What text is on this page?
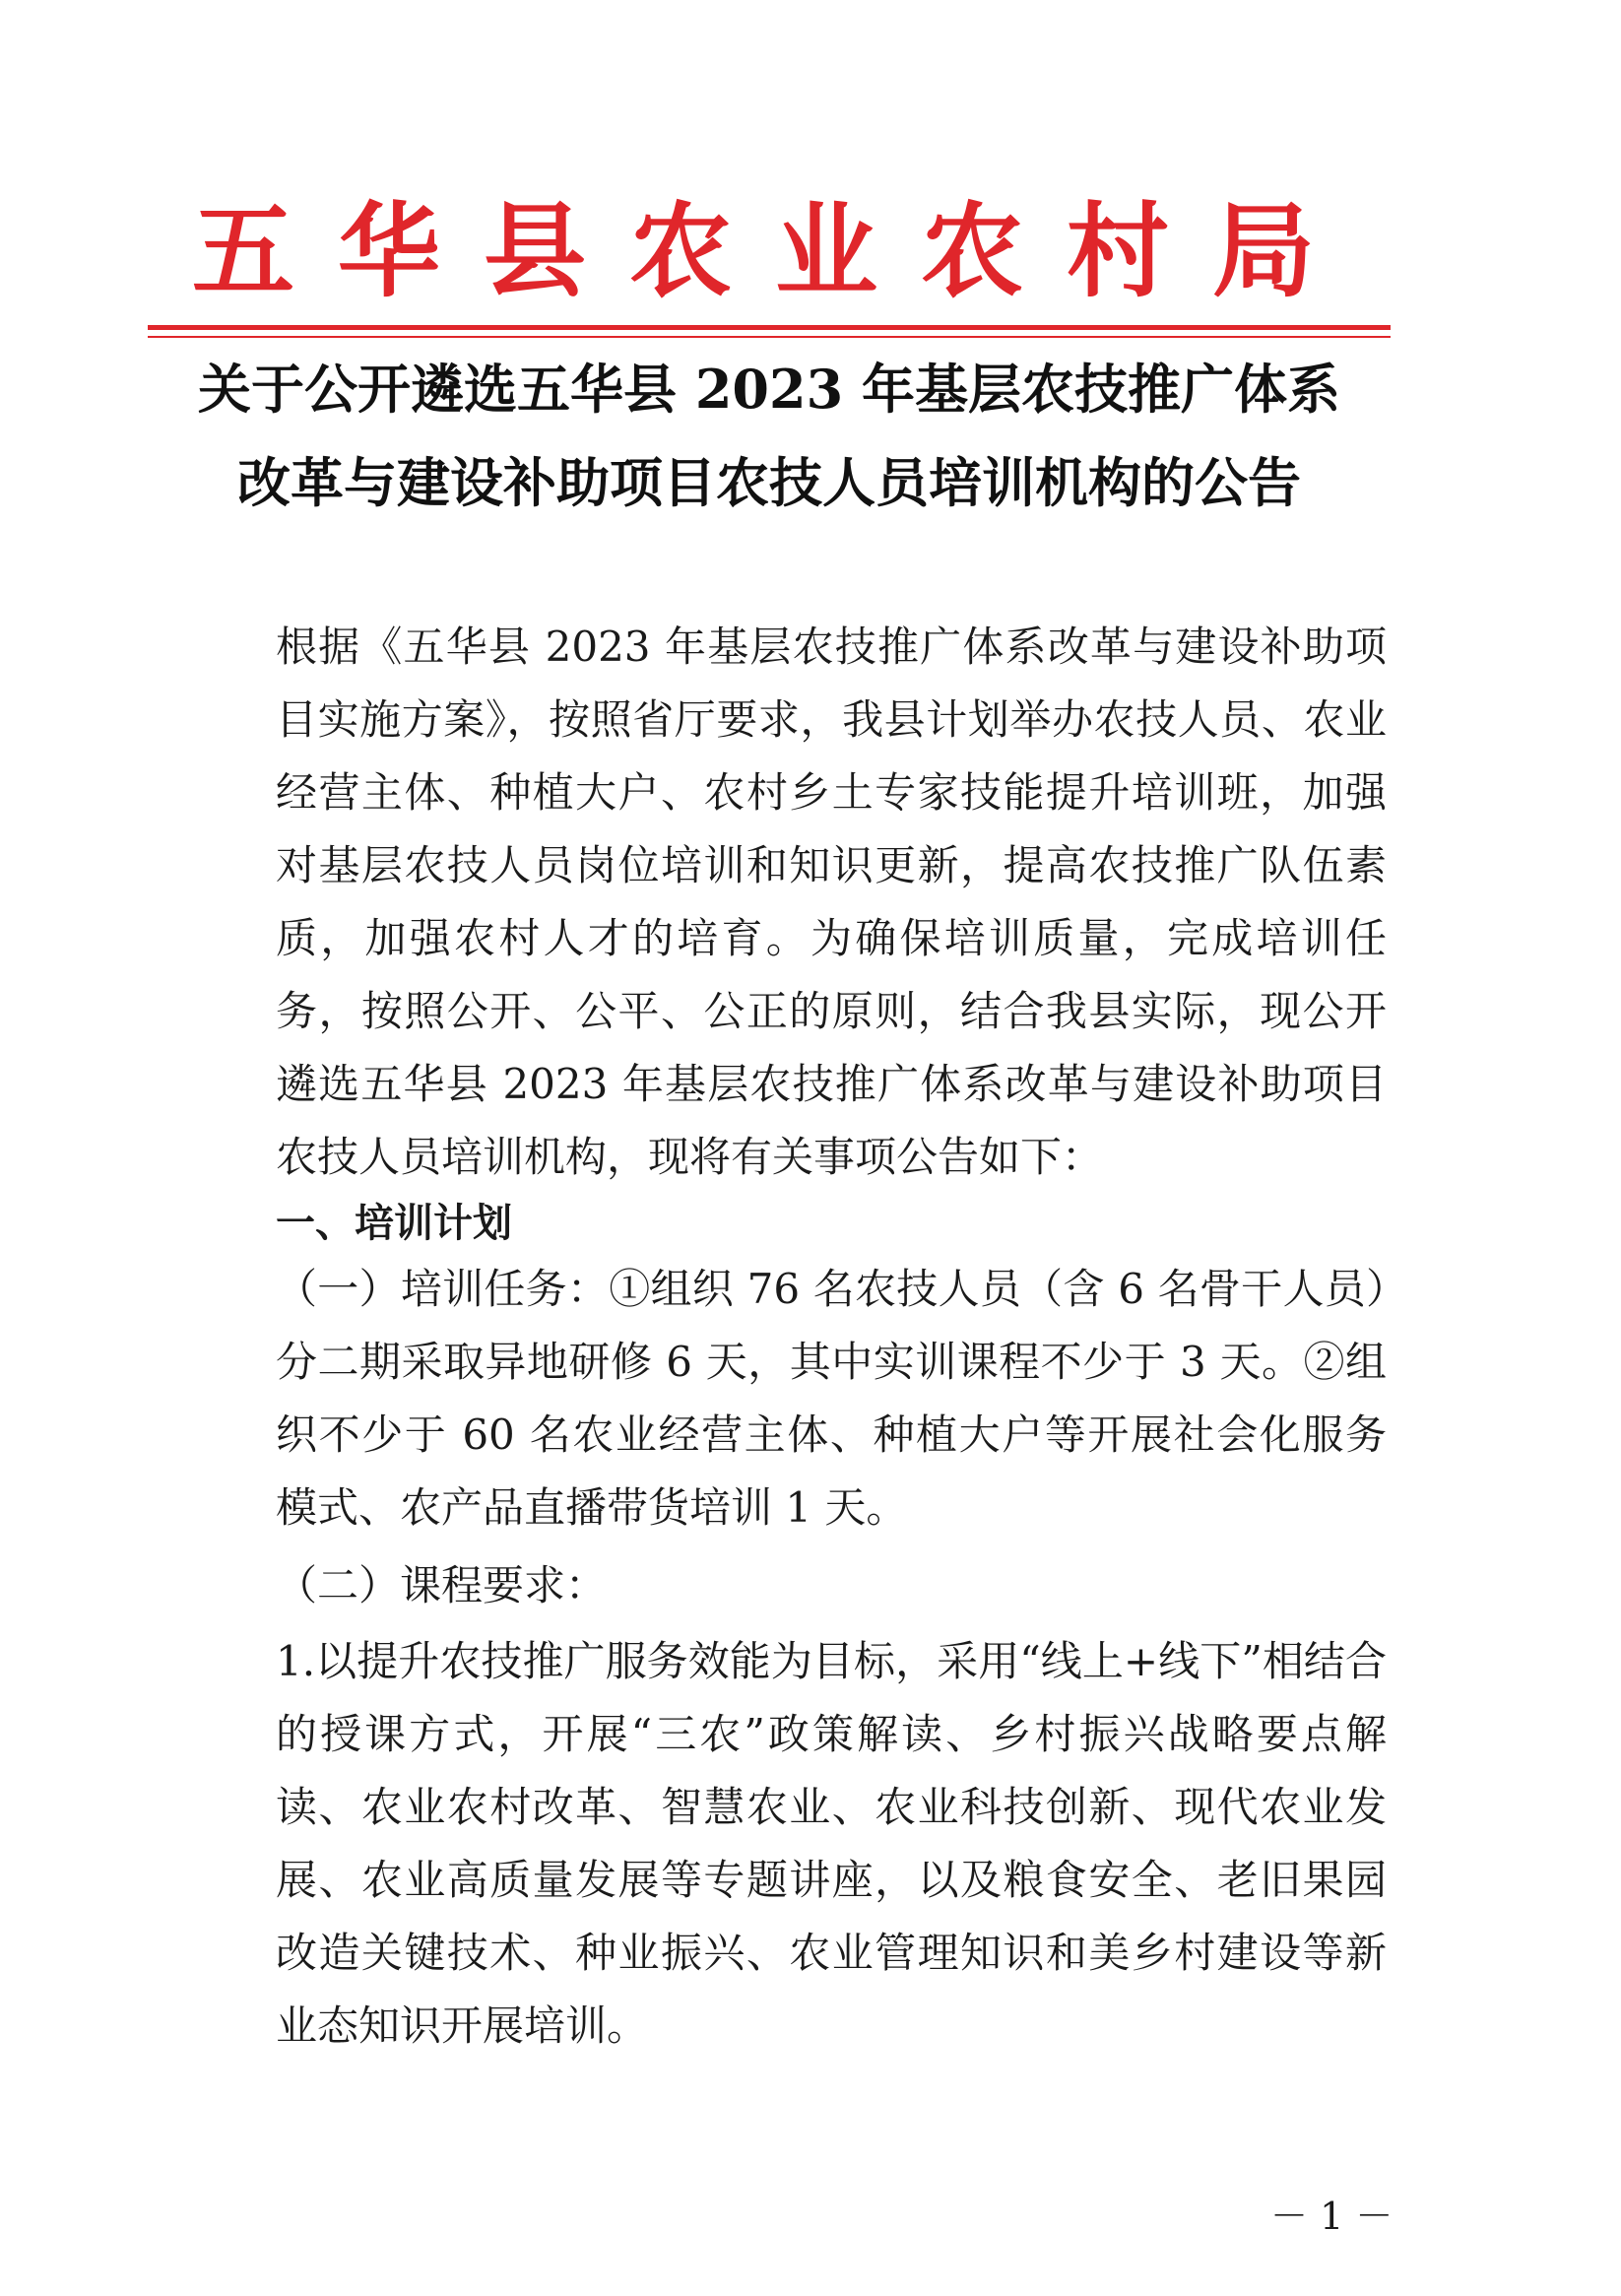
五华县农业农村局
关于公开遴选五华县 2023 年基层农技推广体系
改革与建设补助项目农技人员培训机构的公告
根据《五华县 2023 年基层农技推广体系改革与建设补助项目实施方案》，按照省厅要求，我县计划举办农技人员、农业经营主体、种植大户、农村乡土专家技能提升培训班，加强对基层农技人员岗位培训和知识更新，提高农技推广队伍素质，加强农村人才的培育。为确保培训质量，完成培训任务，按照公开、公平、公正的原则，结合我县实际，现公开遴选五华县 2023 年基层农技推广体系改革与建设补助项目农技人员培训机构，现将有关事项公告如下：
一、培训计划
（一）培训任务：①组织 76 名农技人员（含 6 名骨干人员）分二期采取异地研修 6 天，其中实训课程不少于 3 天。②组织不少于 60 名农业经营主体、种植大户等开展社会化服务模式、农产品直播带货培训 1 天。
（二）课程要求：
1.以提升农技推广服务效能为目标，采用“线上+线下”相结合的授课方式，开展“三农”政策解读、乡村振兴战略要点解读、农业农村改革、智慧农业、农业科技创新、现代农业发展、农业高质量发展等专题讲座，以及粮食安全、老旧果园改造关键技术、种业振兴、农业管理知识和美乡村建设等新业态知识开展培训。
－ 1 －
